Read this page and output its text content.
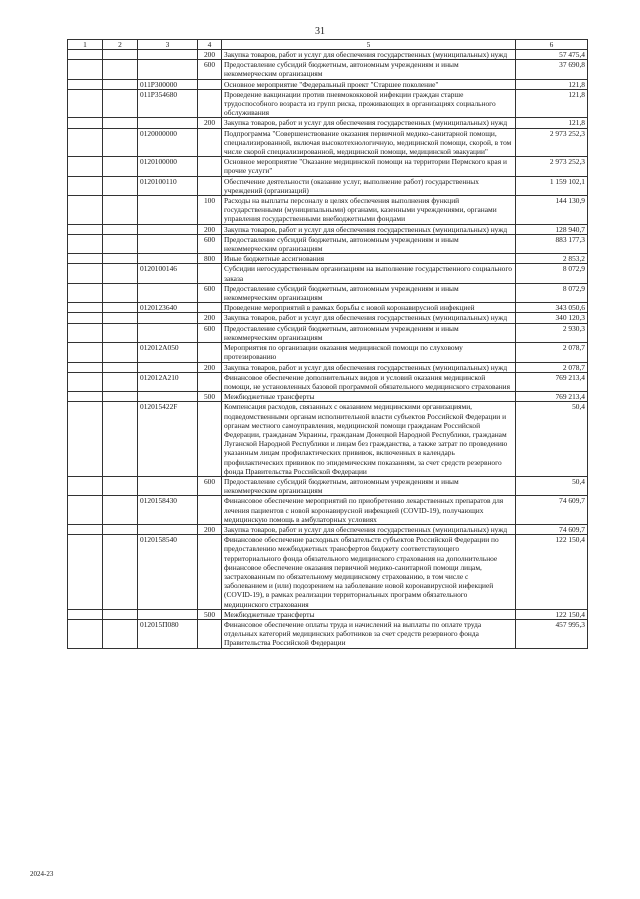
31
1	2	3	4	5	6
			200	Закупка товаров, работ и услуг для обеспечения государственных (муниципальных) нужд	57 475,4
			600	Предоставление субсидий бюджетным, автономным учреждениям и иным некоммерческим организациям	37 690,8
		011Р300000		Основное мероприятие "Федеральный проект "Старшее поколение"	121,8
		011Р354680		Проведение вакцинации против пневмококковой инфекции граждан старше трудоспособного возраста из групп риска, проживающих в организациях социального обслуживания	121,8
			200	Закупка товаров, работ и услуг для обеспечения государственных (муниципальных) нужд	121,8
		0120000000		Подпрограмма "Совершенствование оказания первичной медико-санитарной помощи, специализированной, включая высокотехнологичную, медицинской помощи, скорой, в том числе скорой специализированной, медицинской помощи, медицинской эвакуации"	2 973 252,3
		0120100000		Основное мероприятие "Оказание медицинской помощи на территории Пермского края и прочие услуги"	2 973 252,3
		0120100110		Обеспечение деятельности (оказание услуг, выполнение работ) государственных учреждений (организаций)	1 159 102,1
			100	Расходы на выплаты персоналу в целях обеспечения выполнения функций государственными (муниципальными) органами, казенными учреждениями, органами управления государственными внебюджетными фондами	144 130,9
			200	Закупка товаров, работ и услуг для обеспечения государственных (муниципальных) нужд	128 940,7
			600	Предоставление субсидий бюджетным, автономным учреждениям и иным некоммерческим организациям	883 177,3
			800	Иные бюджетные ассигнования	2 853,2
		0120100146		Субсидии негосударственным организациям на выполнение государственного социального заказа	8 072,9
			600	Предоставление субсидий бюджетным, автономным учреждениям и иным некоммерческим организациям	8 072,9
		0120123640		Проведение мероприятий в рамках борьбы с новой коронавирусной инфекцией	343 050,6
			200	Закупка товаров, работ и услуг для обеспечения государственных (муниципальных) нужд	340 120,3
			600	Предоставление субсидий бюджетным, автономным учреждениям и иным некоммерческим организациям	2 930,3
		012012А050		Мероприятия по организации оказания медицинской помощи по слуховому протезированию	2 078,7
			200	Закупка товаров, работ и услуг для обеспечения государственных (муниципальных) нужд	2 078,7
		012012А210		Финансовое обеспечение дополнительных видов и условий оказания медицинской помощи, не установленных базовой программой обязательного медицинского страхования	769 213,4
			500	Межбюджетные трансферты	769 213,4
		012015422F		Компенсация расходов, связанных с оказанием медицинскими организациями, подведомственными органам исполнительной власти субъектов Российской Федерации и органам местного самоуправления, медицинской помощи гражданам Российской Федерации, гражданам Украины, гражданам Донецкой Народной Республики, гражданам Луганской Народной Республики и лицам без гражданства, а также затрат по проведению указанным лицам профилактических прививок, включенных в календарь профилактических прививок по эпидемическим показаниям, за счет средств резервного фонда Правительства Российской Федерации	50,4
			600	Предоставление субсидий бюджетным, автономным учреждениям и иным некоммерческим организациям	50,4
		0120158430		Финансовое обеспечение мероприятий по приобретению лекарственных препаратов для лечения пациентов с новой коронавирусной инфекцией (COVID-19), получающих медицинскую помощь в амбулаторных условиях	74 609,7
			200	Закупка товаров, работ и услуг для обеспечения государственных (муниципальных) нужд	74 609,7
		0120158540		Финансовое обеспечение расходных обязательств субъектов Российской Федерации по предоставлению межбюджетных трансфертов бюджету соответствующего территориального фонда обязательного медицинского страхования на дополнительное финансовое обеспечение оказания первичной медико-санитарной помощи лицам, застрахованным по обязательному медицинскому страхованию, в том числе с заболеванием и (или) подозрением на заболевание новой коронавирусной инфекцией (COVID-19), в рамках реализации территориальных программ обязательного медицинского страхования	122 150,4
			500	Межбюджетные трансферты	122 150,4
		012015П080		Финансовое обеспечение оплаты труда и начислений на выплаты по оплате труда отдельных категорий медицинских работников за счет средств резервного фонда Правительства Российской Федерации	457 995,3
2024-23
